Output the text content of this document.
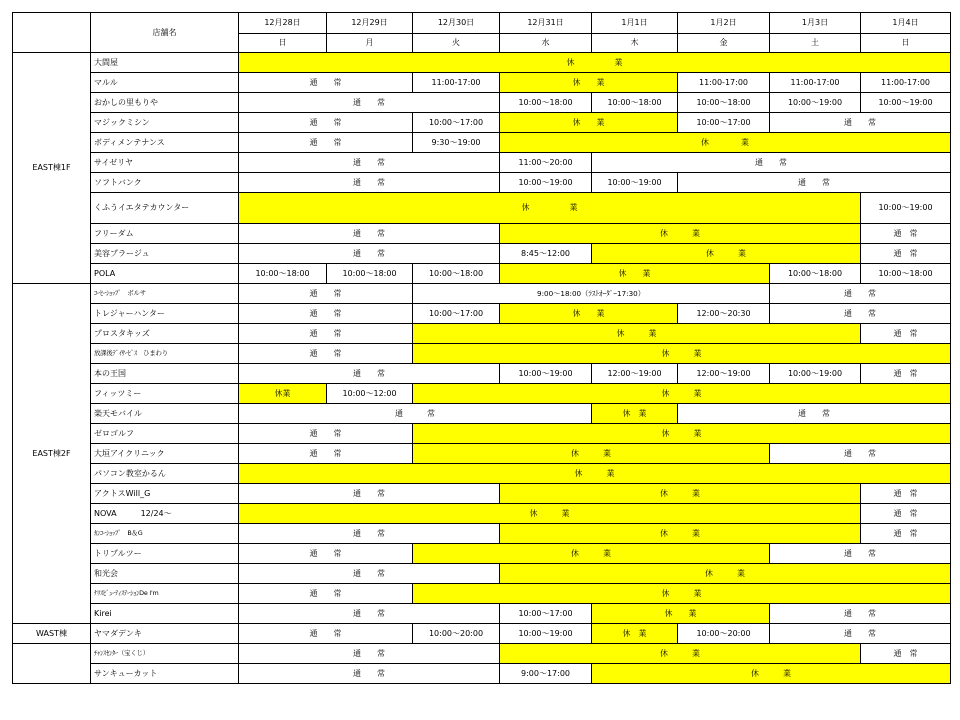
	店舗名	12月28日	12月29日	12月30日	12月31日	1月1日	1月2日	1月3日	1月4日
		日	月	火	水	木	金	土	日
EAST棟1F	大間屋	休　　　　　業							
	マルル	通　　常		11:00-17:00	休　　業		11:00-17:00	11:00-17:00	11:00-17:00
	おかしの里もりや	通　　常			10:00～18:00	10:00～18:00	10:00～18:00	10:00～19:00	10:00～19:00
	マジックミシン	通　　常		10:00～17:00	休　　業		10:00～17:00	通　　常	
	ボディメンテナンス	通　　常		9:30～19:00	休　　　　業				
	サイゼリヤ	通　　常			11:00～20:00	通　　常			
	ソフトバンク	通　　常			10:00～19:00	10:00～19:00	通　　常		
	くふうイエタテカウンター	休　　　　　業							10:00～19:00
	フリーダム	通　　常			休　　　業				通　常
	美容プラージュ	通　　常			8:45～12:00	休　　　業			通　常
	POLA	10:00～18:00	10:00～18:00	10:00～18:00	休　　業			10:00～18:00	10:00～18:00
EAST棟2F	ｺｰﾋｰｼｮｯﾌﾟ　ボルサ	通　　常		9:00～18:00（ﾗｽﾄｵｰﾀﾞｰ17:30）				通　　常	
	トレジャーハンター	通　　常		10:00～17:00	休　　業		12:00～20:30	通　　常	
	プロスタキッズ	通　　常		休　　　業					通　常
	放課後ﾃﾞｲｻｰﾋﾞｽ　ひまわり	通　　常		休　　　業					
	本の王国	通　　常			10:00～19:00	12:00～19:00	12:00～19:00	10:00～19:00	通　常
	フィッツミー	休業	10:00～12:00	休　　　業					
	楽天モバイル	通　　　常				休　業	通　　常		
	ゼロゴルフ	通　　常		休　　　業					
	大垣アイクリニック	通　　常		休　　　業				通　　常	
	パソコン教室かるん	休　　　業							
	アクトスWill_G	通　　常			休　　　業				通　常
	NOVA　　　12/24～	休　　　業							通　常
	ｶﾝｺｰｼｮｯﾌﾟ　B＆G	通　　常			休　　　業				通　常
	トリプルツー	通　　常		休　　　業				通　　常	
	和光会	通　　常			休　　　業				
	ﾅﾘｽﾋﾞｭｰﾃｨｽﾃｰｼｮﾝDe l'm	通　　常		休　　　業					
	Kirei	通　　常			10:00～17:00	休　　業		通　　常	
WAST棟	ヤマダデンキ	通　　常		10:00～20:00	10:00～19:00	休　業	10:00～20:00	通　　常	
	ﾁｬﾝｽｾﾝﾀｰ（宝くじ）	通　　常			休　　　業				通　常
	サンキューカット	通　　常			9:00～17:00	休　　　業			
